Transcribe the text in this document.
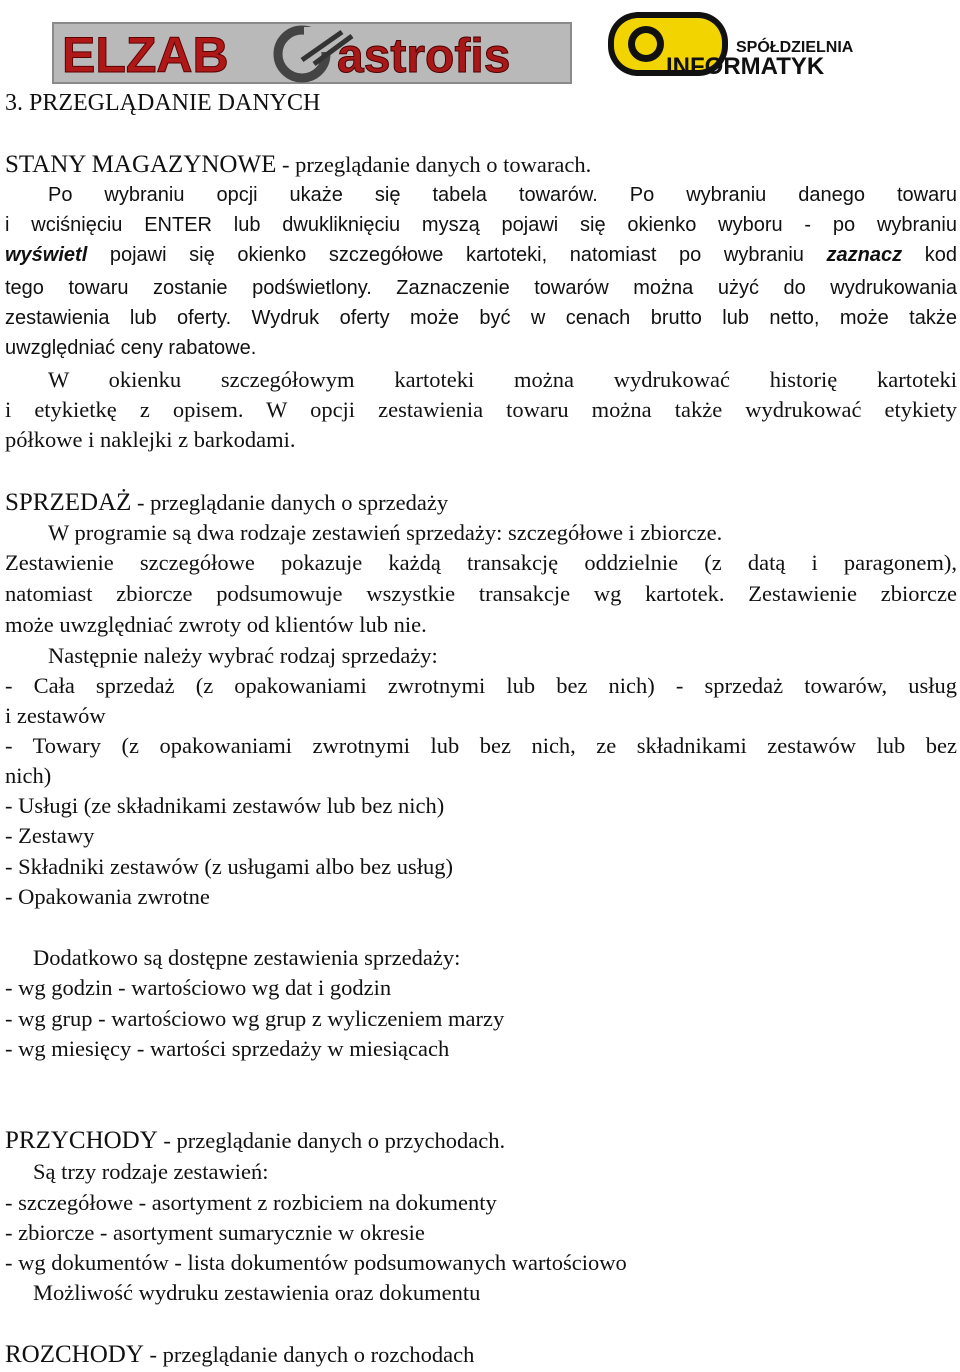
ELZAB astrofis	SPÓŁDZIELNIA
INFORMATYK
3. PRZEGLĄDANIE DANYCH
STANY MAGAZYNOWE - przeglądanie danych o towarach.
Po wybraniu opcji ukaże się tabela towarów. Po wybraniu danego towaru
i wciśnięciu ENTER lub dwukliknięciu myszą pojawi się okienko wyboru - po wybraniu
wyświetl pojawi się okienko szczegółowe kartoteki, natomiast po wybraniu zaznacz kod
tego towaru zostanie podświetlony. Zaznaczenie towarów można użyć do wydrukowania
zestawienia lub oferty. Wydruk oferty może być w cenach brutto lub netto, może także
uwzględniać ceny rabatowe.
W okienku szczegółowym kartoteki można wydrukować historię kartoteki
i etykietkę z opisem. W opcji zestawienia towaru można także wydrukować etykiety
półkowe i naklejki z barkodami.
SPRZEDAŻ - przeglądanie danych o sprzedaży
W programie są dwa rodzaje zestawień sprzedaży: szczegółowe i zbiorcze.
Zestawienie szczegółowe pokazuje każdą transakcję oddzielnie (z datą i paragonem),
natomiast zbiorcze podsumowuje wszystkie transakcje wg kartotek. Zestawienie zbiorcze
może uwzględniać zwroty od klientów lub nie.
Następnie należy wybrać rodzaj sprzedaży:
- Cała sprzedaż (z opakowaniami zwrotnymi lub bez nich) - sprzedaż towarów, usług
i zestawów
- Towary (z opakowaniami zwrotnymi lub bez nich, ze składnikami zestawów lub bez
nich)
- Usługi (ze składnikami zestawów lub bez nich)
- Zestawy
- Składniki zestawów (z usługami albo bez usług)
- Opakowania zwrotne
Dodatkowo są dostępne zestawienia sprzedaży:
- wg godzin - wartościowo wg dat i godzin
- wg grup - wartościowo wg grup z wyliczeniem marzy
- wg miesięcy - wartości sprzedaży w miesiącach
PRZYCHODY - przeglądanie danych o przychodach.
Są trzy rodzaje zestawień:
- szczegółowe - asortyment z rozbiciem na dokumenty
- zbiorcze - asortyment sumarycznie w okresie
- wg dokumentów - lista dokumentów podsumowanych wartościowo
Możliwość wydruku zestawienia oraz dokumentu
ROZCHODY - przeglądanie danych o rozchodach
